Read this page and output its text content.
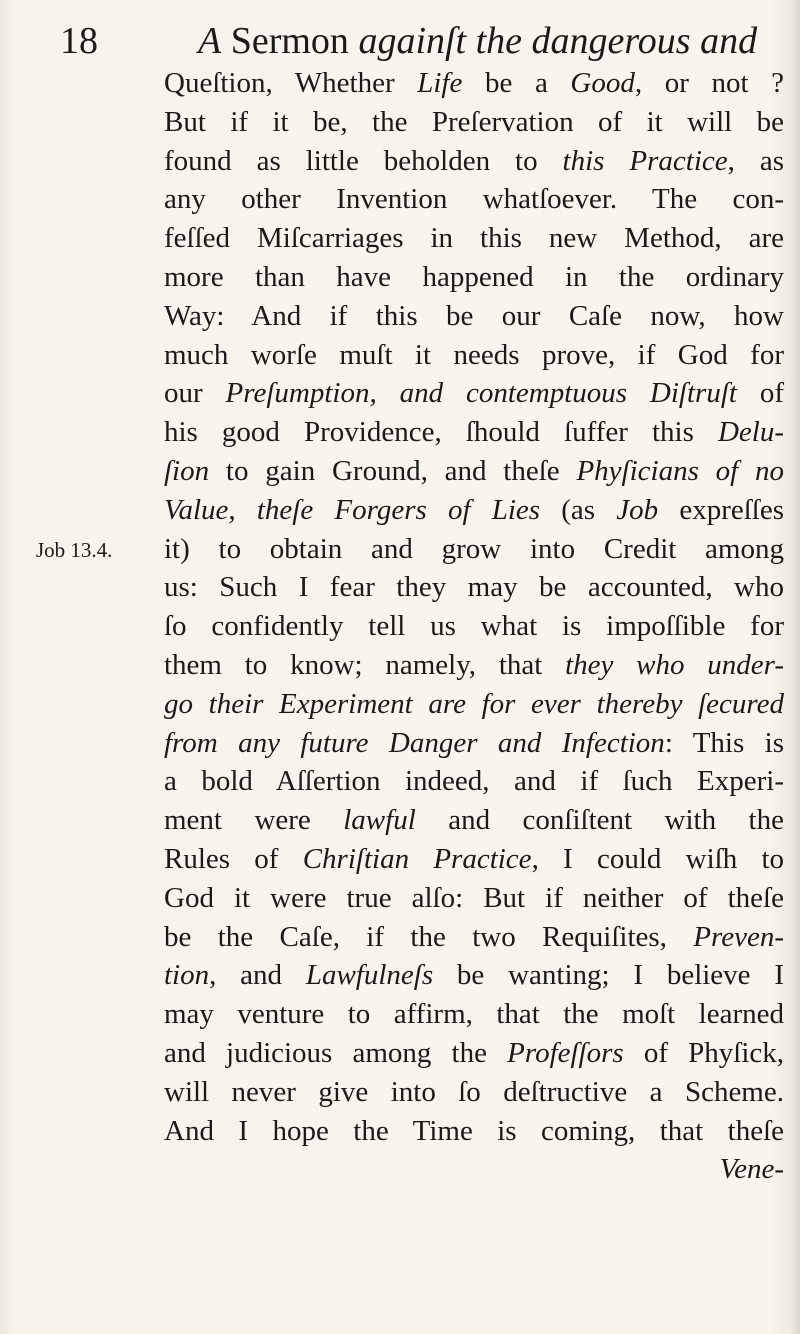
18	A Sermon againſt the dangerous and
Job 13.4.
Queſtion, Whether Life be a Good, or not ?
But if it be, the Preſervation of it will be
found as little beholden to this Practice, as
any other Invention whatſoever. The con-
feſſed Miſcarriages in this new Method, are
more than have happened in the ordinary
Way: And if this be our Caſe now, how
much worſe muſt it needs prove, if God for
our Preſumption, and contemptuous Diſtruſt of
his good Providence, ſhould ſuffer this Delu-
ſion to gain Ground, and theſe Phyſicians of no
Value, theſe Forgers of Lies (as Job expreſſes
it) to obtain and grow into Credit among
us: Such I fear they may be accounted, who
ſo confidently tell us what is impoſſible for
them to know; namely, that they who under-
go their Experiment are for ever thereby ſecured
from any future Danger and Infection: This is
a bold Aſſertion indeed, and if ſuch Experi-
ment were lawful and conſiſtent with the
Rules of Chriſtian Practice, I could wiſh to
God it were true alſo: But if neither of theſe
be the Caſe, if the two Requiſites, Preven-
tion, and Lawfulneſs be wanting; I believe I
may venture to affirm, that the moſt learned
and judicious among the Profeſſors of Phyſick,
will never give into ſo deſtructive a Scheme.
And I hope the Time is coming, that theſe
Vene-
